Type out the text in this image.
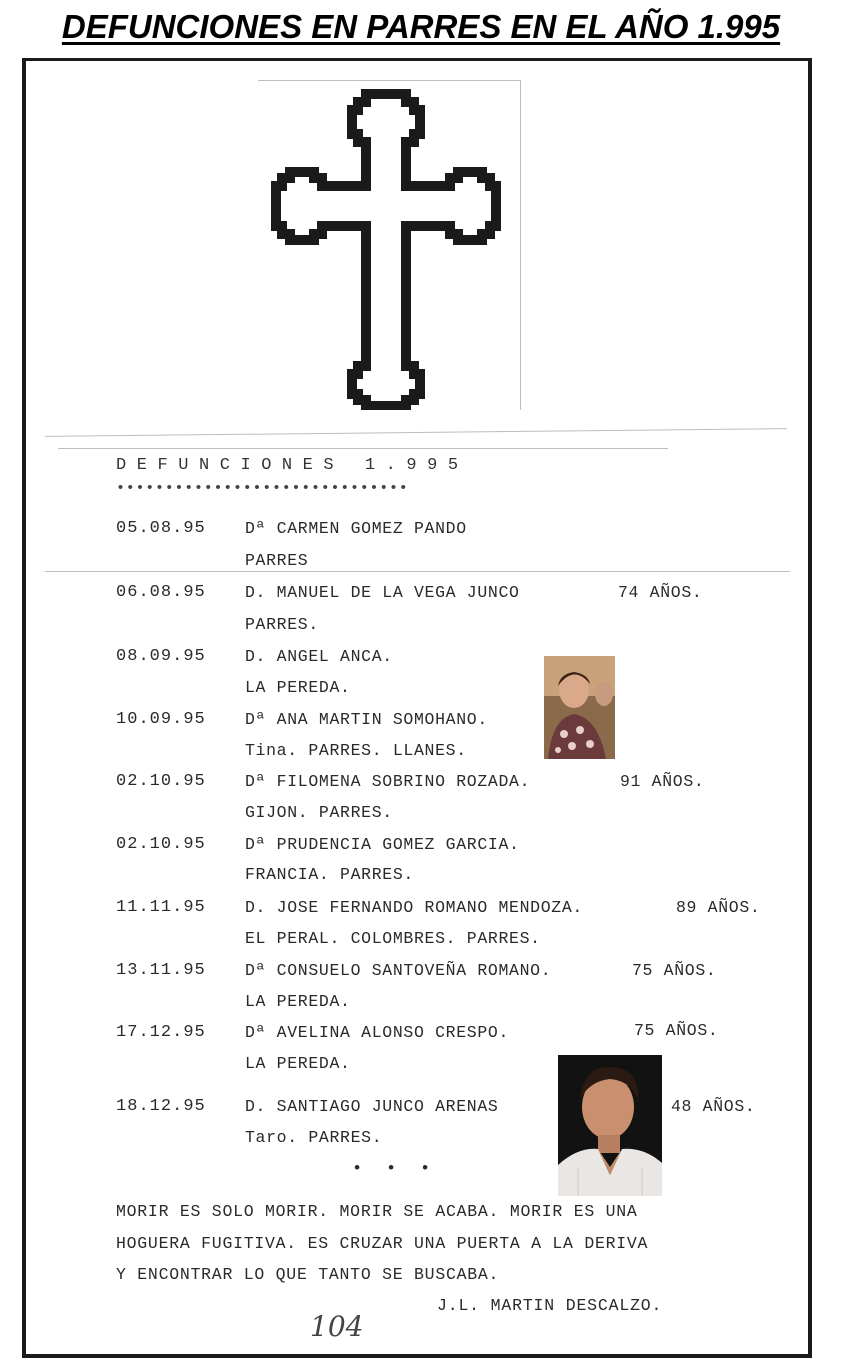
DEFUNCIONES EN PARRES EN EL AÑO 1.995
DEFUNCIONES 1.995
••••••••••••••••••••••••••••••
05.08.95 Dª CARMEN GOMEZ PANDO
PARRES
06.08.95 D. MANUEL DE LA VEGA JUNCO	74 AÑOS.
PARRES.
08.09.95 D. ANGEL ANCA.
LA PEREDA.
10.09.95 Dª ANA MARTIN SOMOHANO.
Tina. PARRES. LLANES.
02.10.95 Dª FILOMENA SOBRINO ROZADA.	91 AÑOS.
GIJON. PARRES.
02.10.95 Dª PRUDENCIA GOMEZ GARCIA.
FRANCIA. PARRES.
11.11.95 D. JOSE FERNANDO ROMANO MENDOZA.	89 AÑOS.
EL PERAL. COLOMBRES. PARRES.
13.11.95 Dª CONSUELO SANTOVEÑA ROMANO.	75 AÑOS.
LA PEREDA.
17.12.95 Dª AVELINA ALONSO CRESPO.	75 AÑOS.
LA PEREDA.
18.12.95 D. SANTIAGO JUNCO ARENAS	48 AÑOS.
Taro. PARRES.
• • •
MORIR ES SOLO MORIR. MORIR SE ACABA. MORIR ES UNA
HOGUERA FUGITIVA. ES CRUZAR UNA PUERTA A LA DERIVA
Y ENCONTRAR LO QUE TANTO SE BUSCABA.
J.L. MARTIN DESCALZO.
104
